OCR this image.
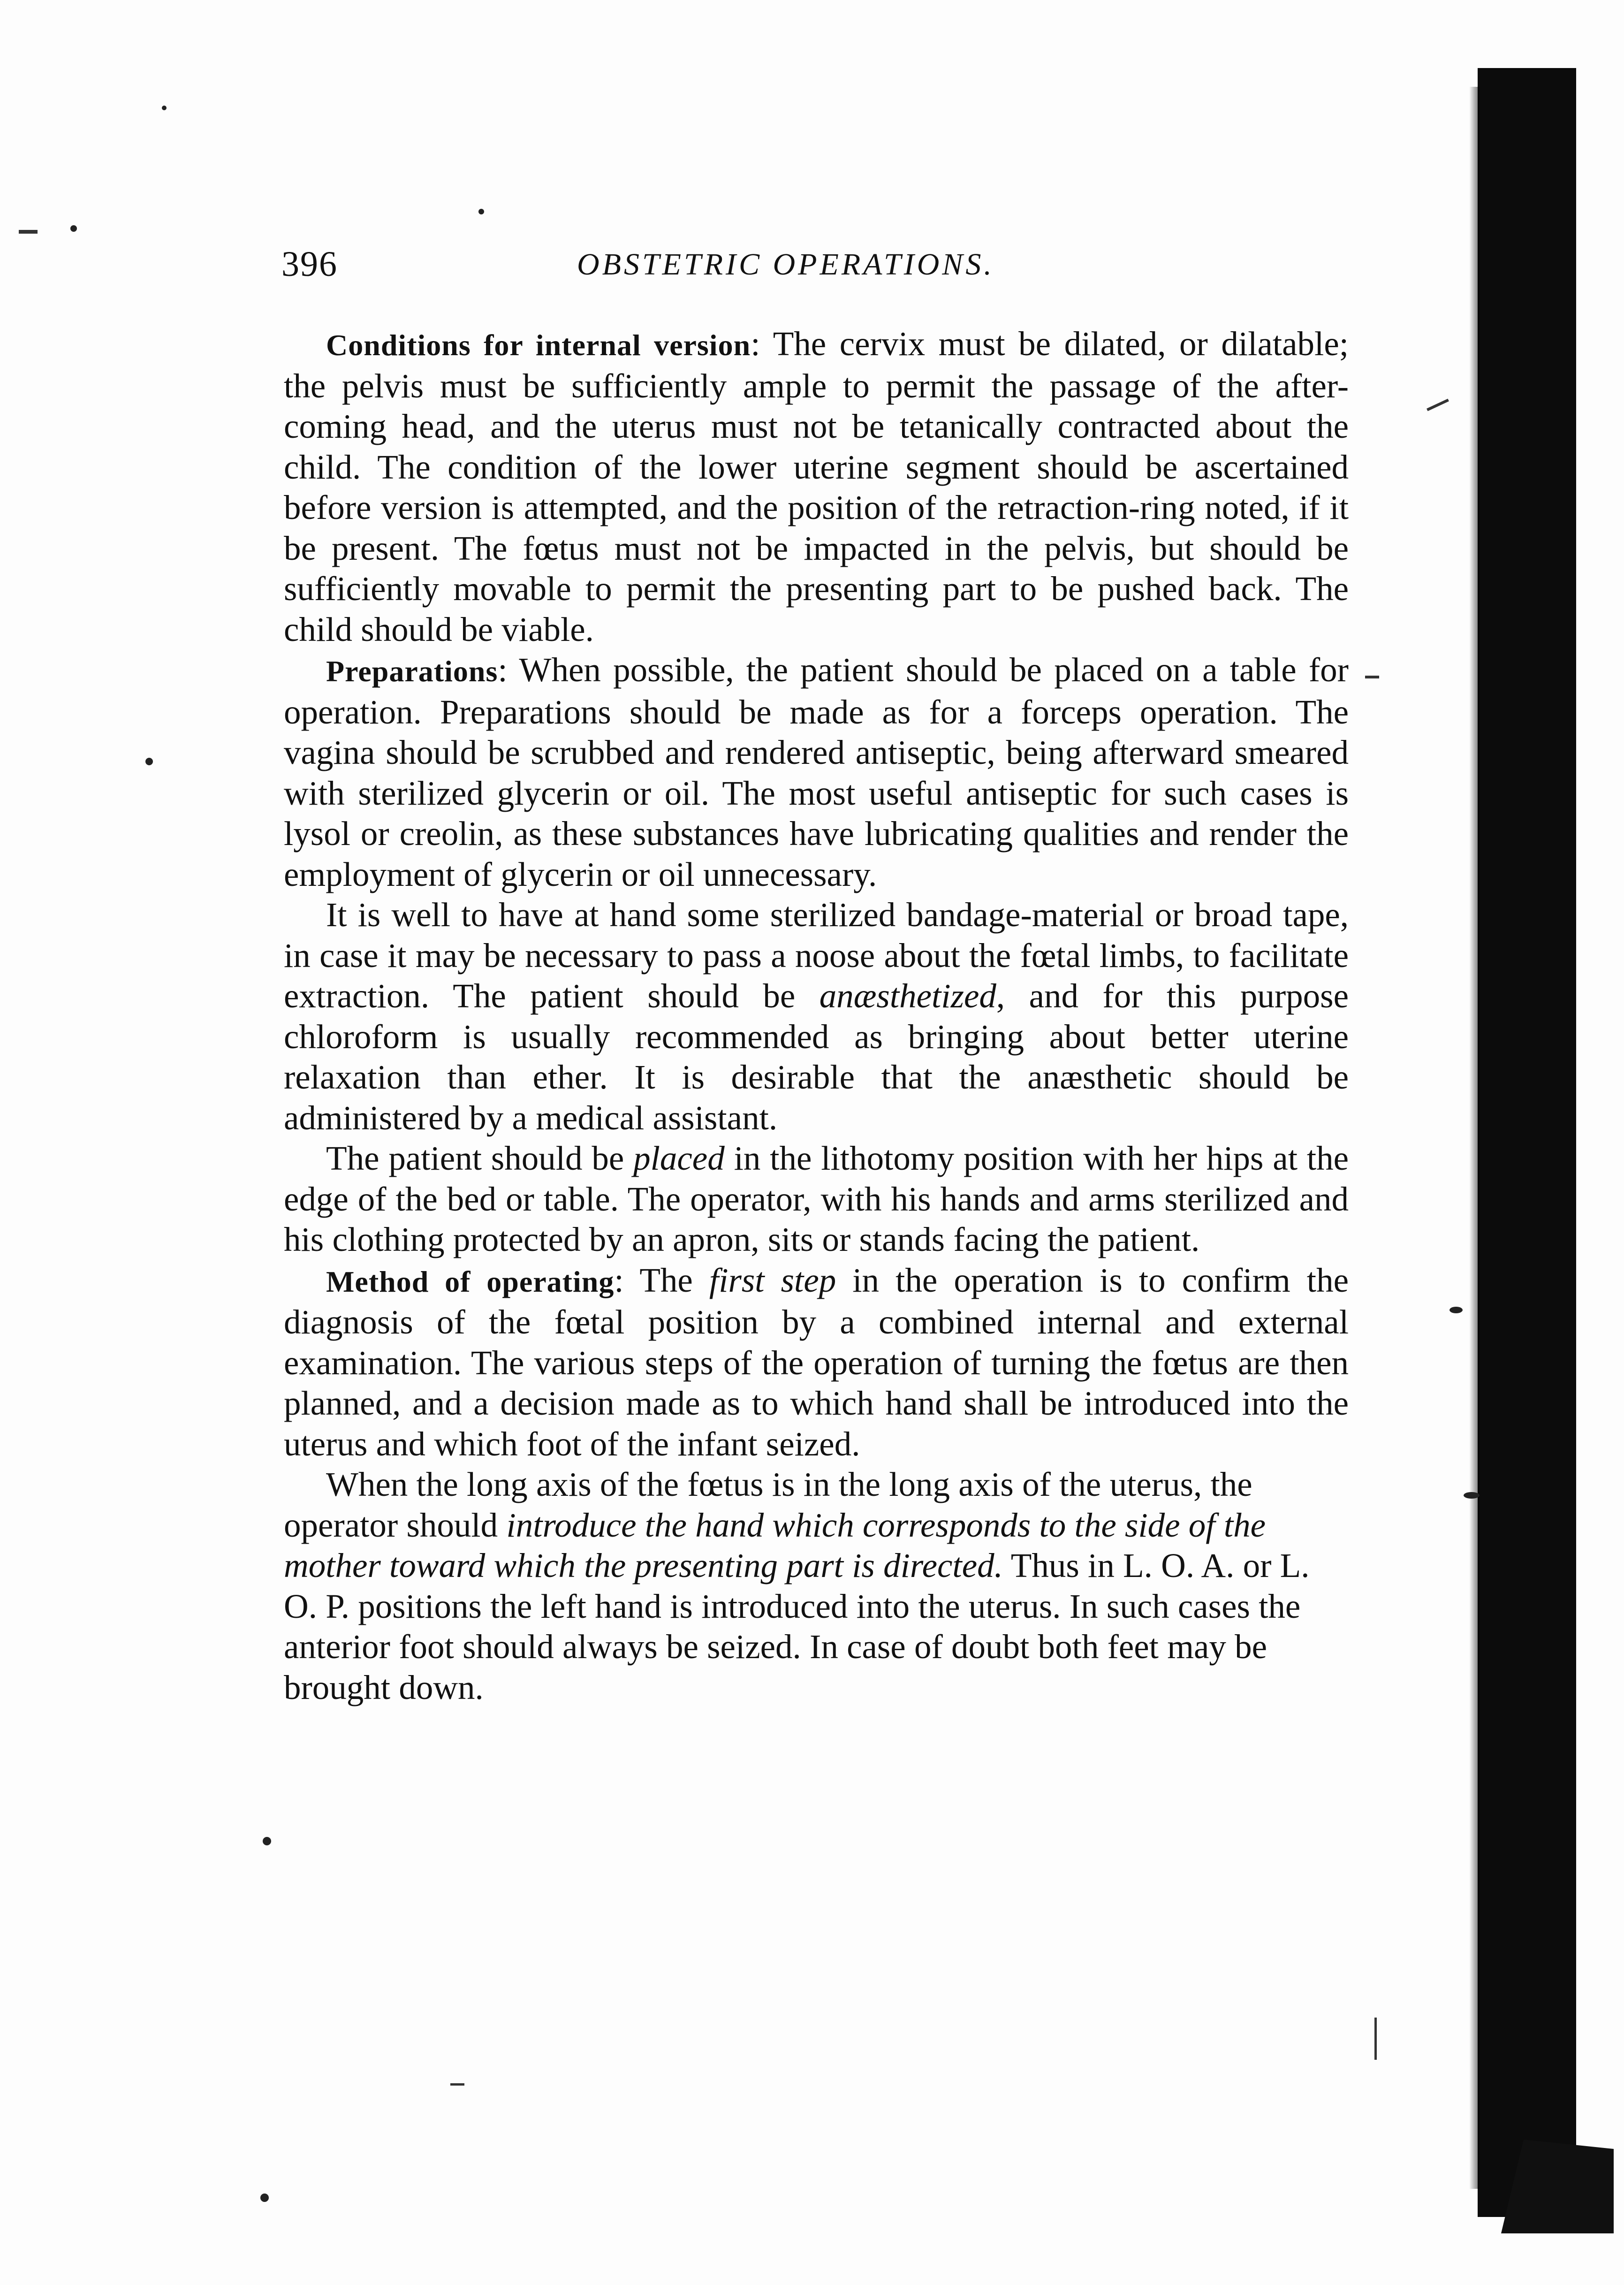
396	OBSTETRIC OPERATIONS.

Conditions for internal version: The cervix must be dilated, or dilatable; the pelvis must be sufficiently ample to permit the passage of the after-coming head, and the uterus must not be tetanically contracted about the child. The condition of the lower uterine segment should be ascertained before version is attempted, and the position of the retraction-ring noted, if it be present. The fœtus must not be impacted in the pelvis, but should be sufficiently movable to permit the presenting part to be pushed back. The child should be viable.

Preparations: When possible, the patient should be placed on a table for operation. Preparations should be made as for a forceps operation. The vagina should be scrubbed and rendered antiseptic, being afterward smeared with sterilized glycerin or oil. The most useful antiseptic for such cases is lysol or creolin, as these substances have lubricating qualities and render the employment of glycerin or oil unnecessary.

It is well to have at hand some sterilized bandage-material or broad tape, in case it may be necessary to pass a noose about the fœtal limbs, to facilitate extraction. The patient should be anæsthetized, and for this purpose chloroform is usually recommended as bringing about better uterine relaxation than ether. It is desirable that the anæsthetic should be administered by a medical assistant.

The patient should be placed in the lithotomy position with her hips at the edge of the bed or table. The operator, with his hands and arms sterilized and his clothing protected by an apron, sits or stands facing the patient.

Method of operating: The first step in the operation is to confirm the diagnosis of the fœtal position by a combined internal and external examination. The various steps of the operation of turning the fœtus are then planned, and a decision made as to which hand shall be introduced into the uterus and which foot of the infant seized.

When the long axis of the fœtus is in the long axis of the uterus, the operator should introduce the hand which corresponds to the side of the mother toward which the presenting part is directed. Thus in L. O. A. or L. O. P. positions the left hand is introduced into the uterus. In such cases the anterior foot should always be seized. In case of doubt both feet may be brought down.
